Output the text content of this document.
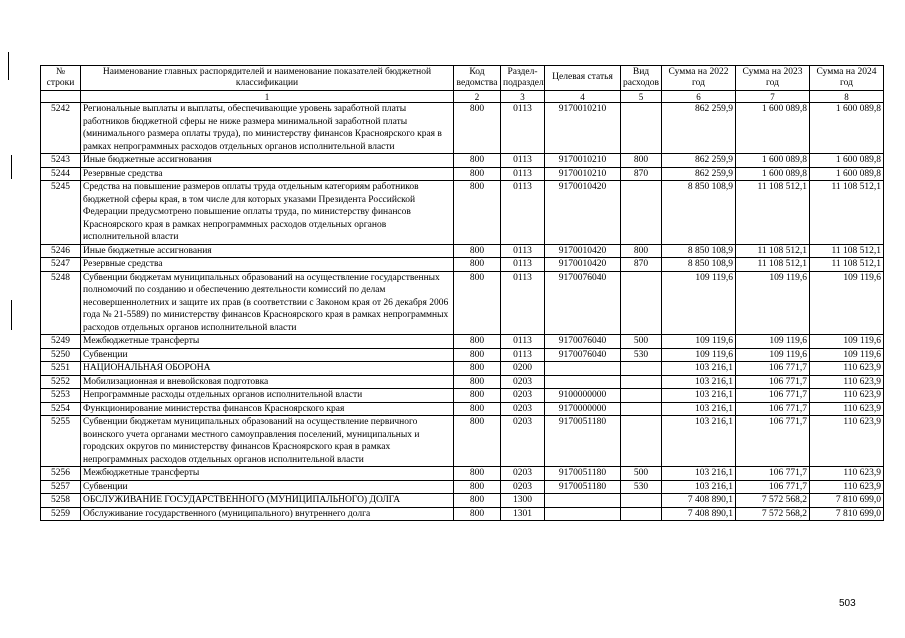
№ строки	Наименование главных распорядителей и наименование показателей бюджетной классификации	Код ведомства	Раздел-подраздел	Целевая статья	Вид расходов	Сумма на 2022 год	Сумма на 2023 год	Сумма на 2024 год
	1	2	3	4	5	6	7	8
5242	Региональные выплаты и выплаты, обеспечивающие уровень заработной платы работников бюджетной сферы не ниже размера минимальной заработной платы (минимального размера оплаты труда), по министерству финансов Красноярского края в рамках непрограммных расходов отдельных органов исполнительной власти	800	0113	9170010210		862 259,9	1 600 089,8	1 600 089,8
5243	Иные бюджетные ассигнования	800	0113	9170010210	800	862 259,9	1 600 089,8	1 600 089,8
5244	Резервные средства	800	0113	9170010210	870	862 259,9	1 600 089,8	1 600 089,8
5245	Средства на повышение размеров оплаты труда отдельным категориям работников бюджетной сферы края, в том числе для которых указами Президента Российской Федерации предусмотрено повышение оплаты труда, по министерству финансов Красноярского края в рамках непрограммных расходов отдельных органов исполнительной власти	800	0113	9170010420		8 850 108,9	11 108 512,1	11 108 512,1
5246	Иные бюджетные ассигнования	800	0113	9170010420	800	8 850 108,9	11 108 512,1	11 108 512,1
5247	Резервные средства	800	0113	9170010420	870	8 850 108,9	11 108 512,1	11 108 512,1
5248	Субвенции бюджетам муниципальных образований на осуществление государственных полномочий по созданию и обеспечению деятельности комиссий по делам несовершеннолетних и защите их прав (в соответствии с Законом края от 26 декабря 2006 года № 21-5589) по министерству финансов Красноярского края в рамках непрограммных расходов отдельных органов исполнительной власти	800	0113	9170076040		109 119,6	109 119,6	109 119,6
5249	Межбюджетные трансферты	800	0113	9170076040	500	109 119,6	109 119,6	109 119,6
5250	Субвенции	800	0113	9170076040	530	109 119,6	109 119,6	109 119,6
5251	НАЦИОНАЛЬНАЯ ОБОРОНА	800	0200			103 216,1	106 771,7	110 623,9
5252	Мобилизационная и вневойсковая подготовка	800	0203			103 216,1	106 771,7	110 623,9
5253	Непрограммные расходы отдельных органов исполнительной власти	800	0203	9100000000		103 216,1	106 771,7	110 623,9
5254	Функционирование министерства финансов Красноярского края	800	0203	9170000000		103 216,1	106 771,7	110 623,9
5255	Субвенции бюджетам муниципальных образований на осуществление первичного воинского учета органами местного самоуправления поселений, муниципальных и городских округов по министерству финансов Красноярского края в рамках непрограммных расходов отдельных органов исполнительной власти	800	0203	9170051180		103 216,1	106 771,7	110 623,9
5256	Межбюджетные трансферты	800	0203	9170051180	500	103 216,1	106 771,7	110 623,9
5257	Субвенции	800	0203	9170051180	530	103 216,1	106 771,7	110 623,9
5258	ОБСЛУЖИВАНИЕ ГОСУДАРСТВЕННОГО (МУНИЦИПАЛЬНОГО) ДОЛГА	800	1300			7 408 890,1	7 572 568,2	7 810 699,0
5259	Обслуживание государственного (муниципального) внутреннего долга	800	1301			7 408 890,1	7 572 568,2	7 810 699,0
503
